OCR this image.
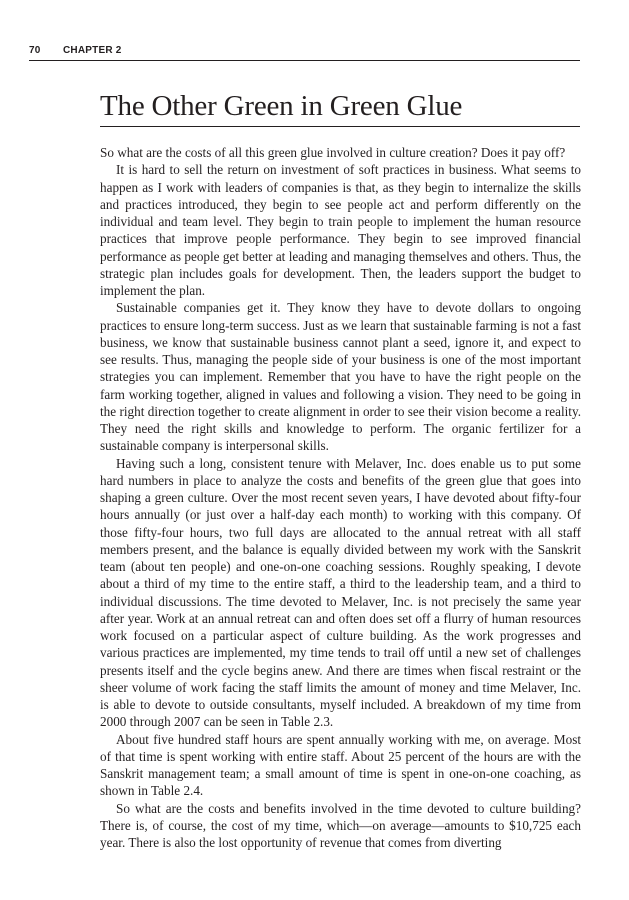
70 CHAPTER 2
The Other Green in Green Glue

So what are the costs of all this green glue involved in culture creation? Does it pay off?

It is hard to sell the return on investment of soft practices in business. What seems to happen as I work with leaders of companies is that, as they begin to internalize the skills and practices introduced, they begin to see people act and perform differently on the individual and team level. They begin to train people to implement the human resource practices that improve people performance. They begin to see improved financial performance as people get better at leading and managing themselves and others. Thus, the strategic plan includes goals for development. Then, the leaders support the budget to implement the plan.

Sustainable companies get it. They know they have to devote dollars to ongoing practices to ensure long-term success. Just as we learn that sustainable farming is not a fast business, we know that sustainable business cannot plant a seed, ignore it, and expect to see results. Thus, managing the people side of your business is one of the most important strategies you can implement. Remember that you have to have the right people on the farm working together, aligned in values and following a vision. They need to be going in the right direction together to create alignment in order to see their vision become a reality. They need the right skills and knowledge to perform. The organic fertilizer for a sustainable company is interpersonal skills.

Having such a long, consistent tenure with Melaver, Inc. does enable us to put some hard numbers in place to analyze the costs and benefits of the green glue that goes into shaping a green culture. Over the most recent seven years, I have devoted about fifty-four hours annually (or just over a half-day each month) to working with this company. Of those fifty-four hours, two full days are allocated to the annual retreat with all staff members present, and the balance is equally divided between my work with the Sanskrit team (about ten people) and one-on-one coaching sessions. Roughly speaking, I devote about a third of my time to the entire staff, a third to the leadership team, and a third to individual discussions. The time devoted to Melaver, Inc. is not precisely the same year after year. Work at an annual retreat can and often does set off a flurry of human resources work focused on a particular aspect of culture building. As the work progresses and various practices are implemented, my time tends to trail off until a new set of challenges presents itself and the cycle begins anew. And there are times when fiscal restraint or the sheer volume of work facing the staff limits the amount of money and time Melaver, Inc. is able to devote to outside consultants, myself included. A breakdown of my time from 2000 through 2007 can be seen in Table 2.3.

About five hundred staff hours are spent annually working with me, on average. Most of that time is spent working with entire staff. About 25 percent of the hours are with the Sanskrit management team; a small amount of time is spent in one-on-one coaching, as shown in Table 2.4.

So what are the costs and benefits involved in the time devoted to culture building? There is, of course, the cost of my time, which—on average—amounts to $10,725 each year. There is also the lost opportunity of revenue that comes from diverting
